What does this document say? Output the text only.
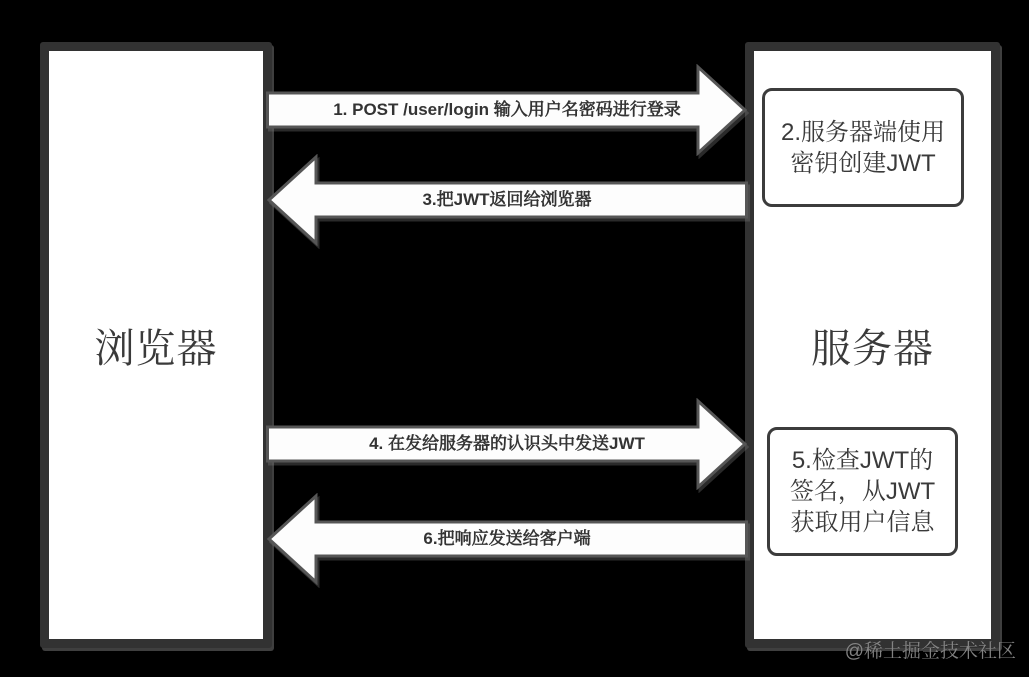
浏览器	服务器
1. POST /user/login 输入用户名密码进行登录
3.把JWT返回给浏览器
4. 在发给服务器的认识头中发送JWT
6.把响应发送给客户端
2.服务器端使用
密钥创建JWT
5.检查JWT的
签名，从JWT
获取用户信息
@稀土掘金技术社区
